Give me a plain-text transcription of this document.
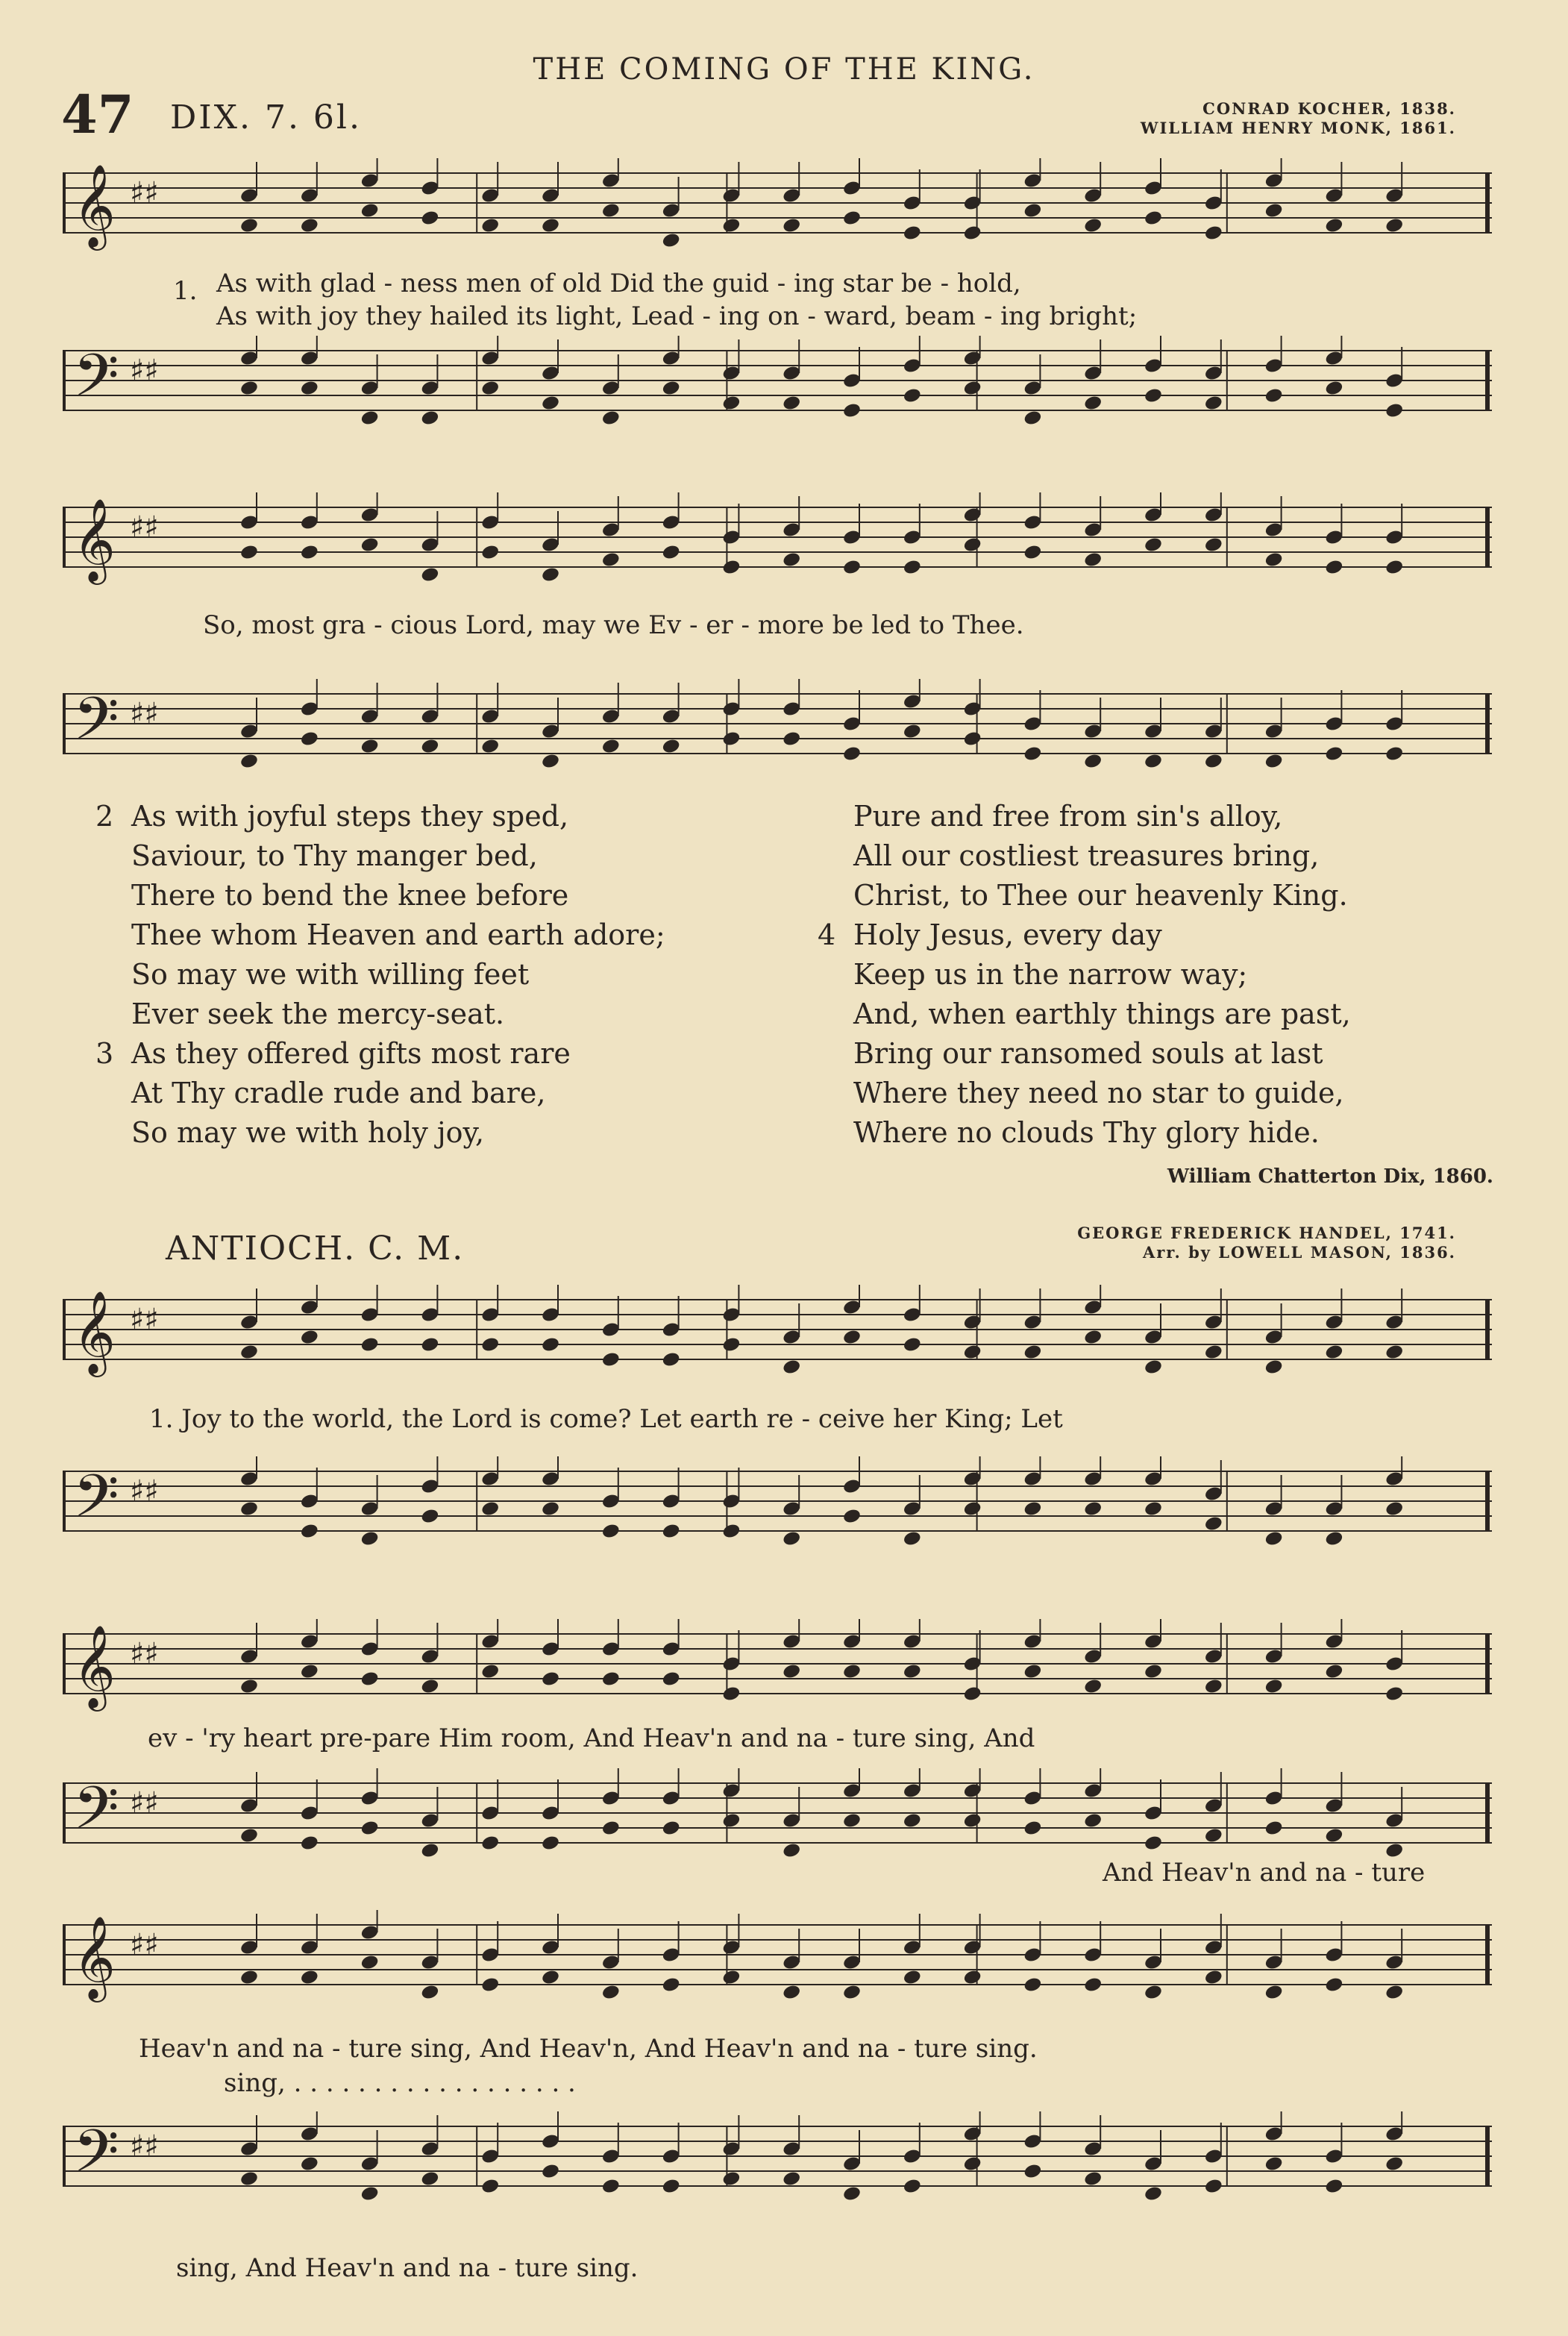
THE COMING OF THE KING.
47 DIX. 7. 6l.	CONRAD KOCHER, 1838.
WILLIAM HENRY MONK, 1861.
𝄞 ♯♯
1. As with glad - ness men of old Did the guid - ing star be - hold,
As with joy they hailed its light, Lead - ing on - ward, beam - ing bright;
𝄢 ♯♯
𝄞 ♯♯
So, most gra - cious Lord, may we Ev - er - more be led to Thee.
𝄢 ♯♯
2 As with joyful steps they sped,
Saviour, to Thy manger bed,
There to bend the knee before
Thee whom Heaven and earth adore;
So may we with willing feet
Ever seek the mercy-seat.
3 As they offered gifts most rare
At Thy cradle rude and bare,
So may we with holy joy,
Pure and free from sin's alloy,
All our costliest treasures bring,
Christ, to Thee our heavenly King.
4 Holy Jesus, every day
Keep us in the narrow way;
And, when earthly things are past,
Bring our ransomed souls at last
Where they need no star to guide,
Where no clouds Thy glory hide.
William Chatterton Dix, 1860.
ANTIOCH. C. M.	GEORGE FREDERICK HANDEL, 1741.
Arr. by LOWELL MASON, 1836.
𝄞 ♯♯
1. Joy to the world, the Lord is come? Let earth re - ceive her King; Let
𝄢 ♯♯
𝄞 ♯♯
ev - 'ry heart pre-pare Him room, And Heav'n and na - ture sing, And
𝄢 ♯♯
And Heav'n and na - ture
𝄞 ♯♯
Heav'n and na - ture sing, And Heav'n, And Heav'n and na - ture sing.
sing, . . . . . . . . . . . . . . . . . .
𝄢 ♯♯
sing, And Heav'n and na - ture sing.
